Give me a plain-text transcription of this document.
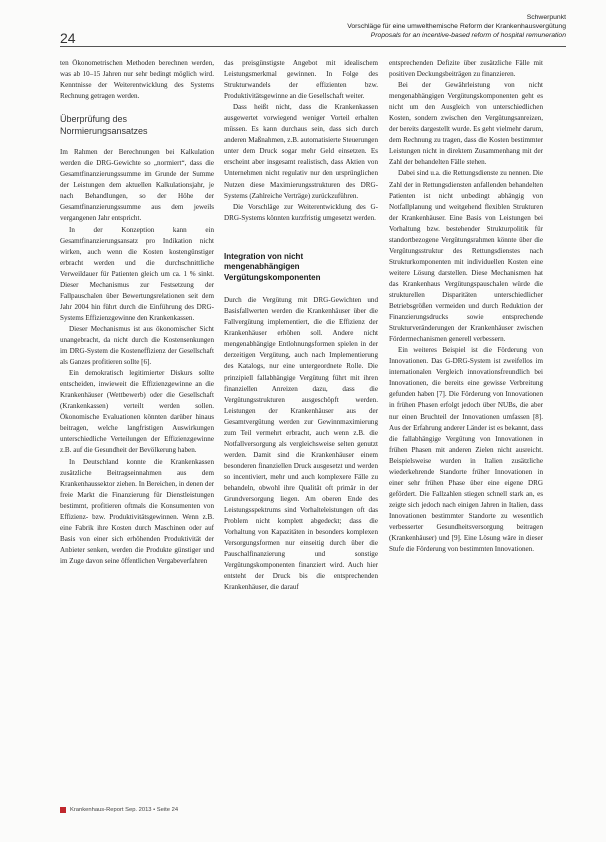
24
Schwerpunkt
Vorschläge für eine umwelthemische Reform der Krankenhausvergütung
Proposals for an incentive-based reform of hospital remuneration

ten Ökonometrischen Methoden berechnen werden, was ab 10–15 Jahren nur sehr bedingt möglich wird. Kenntnisse der Weiterentwicklung des Systems Rechnung getragen werden.

Überprüfung des Normierungsansatzes

Im Rahmen der Berechnungen bei Kalkulation werden die DRG-Gewichte so „normiert“, dass die Gesamtfinanzierungssumme im Grunde der Summe der Leistungen dem aktuellen Kalkulationsjahr, je nach Behandlungen, so der Höhe der Gesamtfinanzierungssumme aus dem jeweils vergangenen Jahr entspricht.

In der Konzeption kann ein Gesamtfinanzierungsansatz pro Indikation nicht wirken, auch wenn die Kosten kostengünstiger erbracht werden und die durchschnittliche Verweildauer für Patienten gleich um ca. 1 % sinkt. Dieser Mechanismus zur Festsetzung der Fallpauschalen über Bewertungsrelationen seit dem Jahr 2004 hin führt durch die Einführung des DRG-Systems Effizienzgewinne den Krankenkassen.

Dieser Mechanismus ist aus ökonomischer Sicht unangebracht, da nicht durch die Kostensenkungen im DRG-System die Kosteneffizienz der Gesellschaft als Ganzes profitieren sollte [6].

Ein demokratisch legitimierter Diskurs sollte entscheiden, inwieweit die Effizienzgewinne an die Krankenhäuser (Wettbewerb) oder die Gesellschaft (Krankenkassen) verteilt werden sollen. Ökonomische Evaluationen könnten darüber hinaus beitragen, welche langfristigen Auswirkungen unterschiedliche Verteilungen der Effizienzgewinne z.B. auf die Gesundheit der Bevölkerung haben.

In Deutschland konnte die Krankenkassen zusätzliche Beitragseinnahmen aus dem Krankenhaussektor ziehen. In Bereichen, in denen der freie Markt die Finanzierung für Dienstleistungen bestimmt, profitieren oftmals die Konsumenten von Effizienz- bzw. Produktivitätsgewinnen. Wenn z.B. eine Fabrik ihre Kosten durch Maschinen oder auf Basis von einer sich erhöhenden Produktivität der Anbieter senken, werden die Produkte günstiger und im Zuge davon seine öffentlichen Vergabeverfahren

das preisgünstigste Angebot mit idealischem Leistungsmerkmal gewinnen. In Folge des Strukturwandels der effizienten bzw. Produktivitätsgewinne an die Gesellschaft weiter.

Dass heißt nicht, dass die Krankenkassen ausgewertet vorwiegend weniger Vorteil erhalten müssen. Es kann durchaus sein, dass sich durch anderen Maßnahmen, z.B. automatisierte Steuerungen unter dem Druck sogar mehr Geld einsetzen. Es erscheint aber insgesamt realistisch, dass Aktien von Unternehmen nicht regulativ nur den ursprünglichen Nutzen diese Maximierungsstrukturen des DRG-Systems (Zahlreiche Verträge) zurückzuführen.

Die Vorschläge zur Weiterentwicklung des G-DRG-Systems könnten kurzfristig umgesetzt werden.

Integration von nicht mengenabhängigen Vergütungskomponenten

Durch die Vergütung mit DRG-Gewichten und Basisfallwerten werden die Krankenhäuser über die Fallvergütung implementiert, die die Effizienz der Krankenhäuser erhöhen soll. Andere nicht mengenabhängige Entlohnungsformen spielen in der derzeitigen Vergütung, auch nach Implementierung des Katalogs, nur eine untergeordnete Rolle. Die prinzipiell fallabhängige Vergütung führt mit ihren finanziellen Anreizen dazu, dass die Vergütungsstrukturen ausgeschöpft werden. Leistungen der Krankenhäuser aus der Gesamtvergütung werden zur Gewinnmaximierung zum Teil vermehrt erbracht, auch wenn z.B. die Notfallversorgung als vergleichsweise selten genutzt werden. Damit sind die Krankenhäuser einem besonderen finanziellen Druck ausgesetzt und werden so incentiviert, mehr und auch komplexere Fälle zu behandeln, obwohl ihre Qualität oft primär in der Grundversorgung liegen. Am oberen Ende des Leistungsspektrums sind Vorhalteleistungen oft das Problem nicht komplett abgedeckt; dass die Vorhaltung von Kapazitäten in besonders komplexen Versorgungsformen nur einseitig durch über die Pauschalfinanzierung und sonstige Vergütungskomponenten finanziert wird. Auch hier entsteht der Druck bis die entsprechenden Krankenhäuser, die darauf

entsprechenden Defizite über zusätzliche Fälle mit positiven Deckungsbeiträgen zu finanzieren.

Bei der Gewährleistung von nicht mengenabhängigen Vergütungskomponenten geht es nicht um den Ausgleich von unterschiedlichen Kosten, sondern zwischen den Vergütungsanreizen, der bereits dargestellt wurde. Es geht vielmehr darum, dem Rechnung zu tragen, dass die Kosten bestimmter Leistungen nicht in direktem Zusammenhang mit der Zahl der behandelten Fälle stehen.

Dabei sind u.a. die Rettungsdienste zu nennen. Die Zahl der in Rettungsdiensten anfallenden behandelten Patienten ist nicht unbedingt abhängig von Notfallplanung und weitgehend flexiblen Strukturen der Krankenhäuser. Eine Basis von Leistungen bei Vorhaltung bzw. bestehender Strukturpolitik für standortbezogene Vergütungsrahmen könnte über die Vergütungsstruktur des Rettungsdienstes nach Strukturkomponenten mit individuellen Kosten eine weitere Lösung darstellen. Diese Mechanismen hat das Krankenhaus Vergütungspauschalen würde die strukturellen Disparitäten unterschiedlicher Betriebsgrößen vermeiden und durch Reduktion der Finanzierungsdrucks sowie entsprechende Strukturveränderungen der Krankenhäuser zwischen Fördermechanismen generell verbessern.

Ein weiteres Beispiel ist die Förderung von Innovationen. Das G-DRG-System ist zweifellos im internationalen Vergleich innovationsfreundlich bei Innovationen, die bereits eine gewisse Verbreitung gefunden haben [7]. Die Förderung von Innovationen in frühen Phasen erfolgt jedoch über NUBs, die aber nur einen Bruchteil der Innovationen umfassen [8]. Aus der Erfahrung anderer Länder ist es bekannt, dass die fallabhängige Vergütung von Innovationen in frühen Phasen mit anderen Zielen nicht ausreicht. Beispielsweise wurden in Italien zusätzliche wiederkehrende Standorte früher Innovationen in einer sehr frühen Phase über eine eigene DRG gefördert. Die Fallzahlen stiegen schnell stark an, es zeigte sich jedoch nach einigen Jahren in Italien, dass Innovationen bestimmter Standorte zu wesentlich verbesserter Gesundheitsversorgung beitragen (Krankenhäuser) und [9]. Eine Lösung wäre in dieser Stufe die Förderung von bestimmten Innovationen.

Krankenhaus-Report Sep. 2013 • Seite 24
